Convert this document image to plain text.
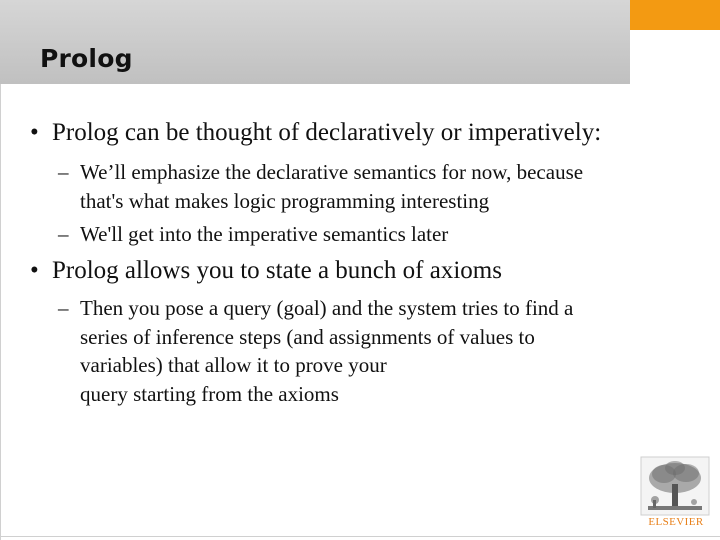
Prolog
• Prolog can be thought of declaratively or imperatively:
– We’ll emphasize the declarative semantics for now, because
that's what makes logic programming interesting
– We'll get into the imperative semantics later
• Prolog allows you to state a bunch of axioms
– Then you pose a query (goal) and the system tries to find a
series of inference steps (and assignments of values to
variables) that allow it to prove your
query starting from the axioms
ELSEVIER
